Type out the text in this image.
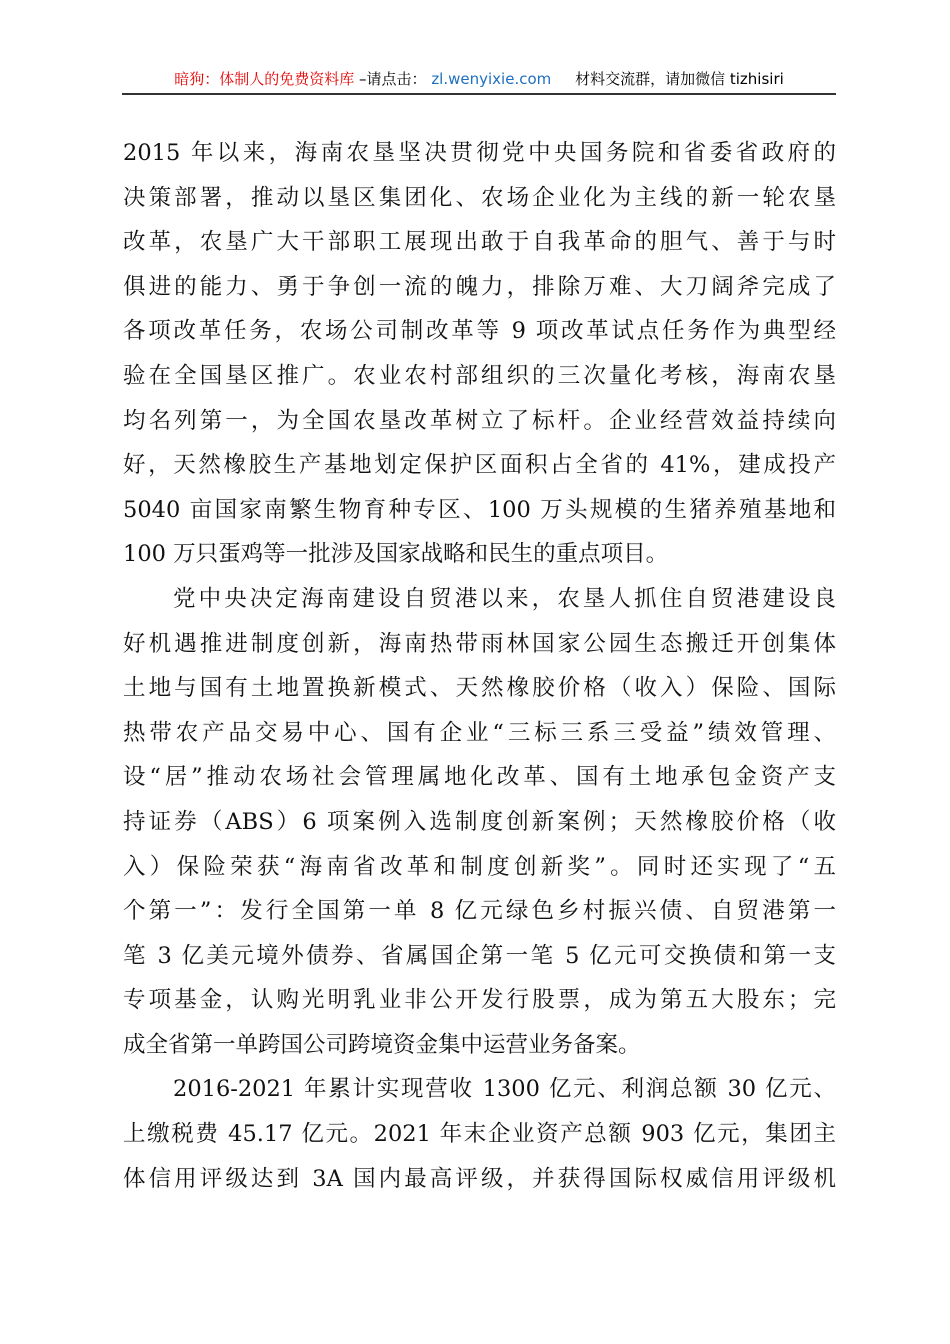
暗狗：体制人的免费资料库 –请点击： zl.wenyixie.com 材料交流群，请加微信 tizhisiri
2015 年以来，海南农垦坚决贯彻党中央国务院和省委省政府的
决策部署，推动以垦区集团化、农场企业化为主线的新一轮农垦
改革，农垦广大干部职工展现出敢于自我革命的胆气、善于与时
俱进的能力、勇于争创一流的魄力，排除万难、大刀阔斧完成了
各项改革任务，农场公司制改革等 9 项改革试点任务作为典型经
验在全国垦区推广。农业农村部组织的三次量化考核，海南农垦
均名列第一，为全国农垦改革树立了标杆。企业经营效益持续向
好，天然橡胶生产基地划定保护区面积占全省的 41%，建成投产
5040 亩国家南繁生物育种专区、100 万头规模的生猪养殖基地和
100 万只蛋鸡等一批涉及国家战略和民生的重点项目。
党中央决定海南建设自贸港以来，农垦人抓住自贸港建设良
好机遇推进制度创新，海南热带雨林国家公园生态搬迁开创集体
土地与国有土地置换新模式、天然橡胶价格（收入）保险、国际
热带农产品交易中心、国有企业“三标三系三受益”绩效管理、
设“居”推动农场社会管理属地化改革、国有土地承包金资产支
持证券（ABS）6 项案例入选制度创新案例；天然橡胶价格（收
入）保险荣获“海南省改革和制度创新奖”。同时还实现了“五
个第一”：发行全国第一单 8 亿元绿色乡村振兴债、自贸港第一
笔 3 亿美元境外债券、省属国企第一笔 5 亿元可交换债和第一支
专项基金，认购光明乳业非公开发行股票，成为第五大股东；完
成全省第一单跨国公司跨境资金集中运营业务备案。
2016-2021 年累计实现营收 1300 亿元、利润总额 30 亿元、
上缴税费 45.17 亿元。2021 年末企业资产总额 903 亿元，集团主
体信用评级达到 3A 国内最高评级，并获得国际权威信用评级机
